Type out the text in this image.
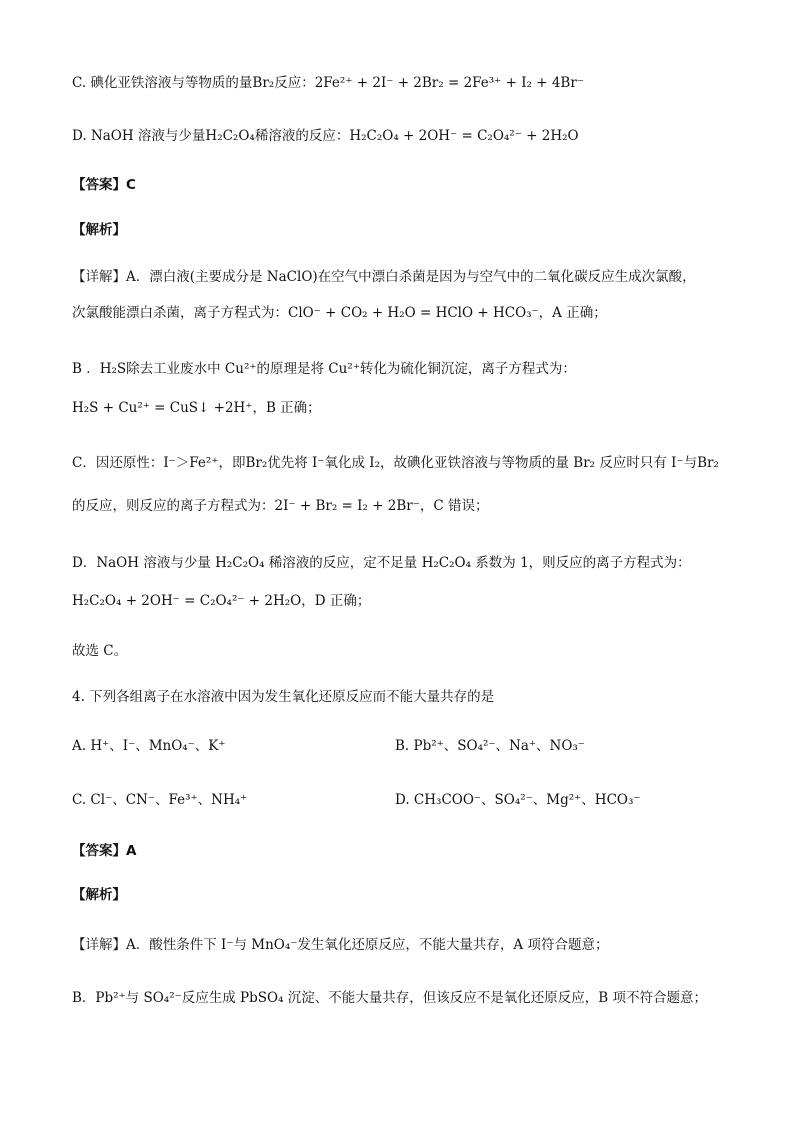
C. 碘化亚铁溶液与等物质的量Br₂反应：2Fe²⁺ + 2I⁻ + 2Br₂ = 2Fe³⁺ + I₂ + 4Br⁻
D. NaOH 溶液与少量H₂C₂O₄稀溶液的反应：H₂C₂O₄ + 2OH⁻ = C₂O₄²⁻ + 2H₂O
【答案】C
【解析】
【详解】A．漂白液(主要成分是 NaClO)在空气中漂白杀菌是因为与空气中的二氧化碳反应生成次氯酸，
次氯酸能漂白杀菌，离子方程式为：ClO⁻ + CO₂ + H₂O = HClO + HCO₃⁻，A 正确；
B ．H₂S除去工业废水中 Cu²⁺的原理是将 Cu²⁺转化为硫化铜沉淀，离子方程式为：
H₂S + Cu²⁺ = CuS↓ +2H⁺，B 正确；
C．因还原性：I⁻＞Fe²⁺，即Br₂优先将 I⁻氧化成 I₂，故碘化亚铁溶液与等物质的量 Br₂ 反应时只有 I⁻与Br₂
的反应，则反应的离子方程式为：2I⁻ + Br₂ = I₂ + 2Br⁻，C 错误；
D．NaOH 溶液与少量 H₂C₂O₄ 稀溶液的反应，定不足量 H₂C₂O₄ 系数为 1，则反应的离子方程式为：
H₂C₂O₄ + 2OH⁻ = C₂O₄²⁻ + 2H₂O，D 正确；
故选 C。
4. 下列各组离子在水溶液中因为发生氧化还原反应而不能大量共存的是
A. H⁺、I⁻、MnO₄⁻、K⁺	B. Pb²⁺、SO₄²⁻、Na⁺、NO₃⁻
C. Cl⁻、CN⁻、Fe³⁺、NH₄⁺	D. CH₃COO⁻、SO₄²⁻、Mg²⁺、HCO₃⁻
【答案】A
【解析】
【详解】A．酸性条件下 I⁻与 MnO₄⁻发生氧化还原反应，不能大量共存，A 项符合题意；
B．Pb²⁺与 SO₄²⁻反应生成 PbSO₄ 沉淀、不能大量共存，但该反应不是氧化还原反应，B 项不符合题意；
